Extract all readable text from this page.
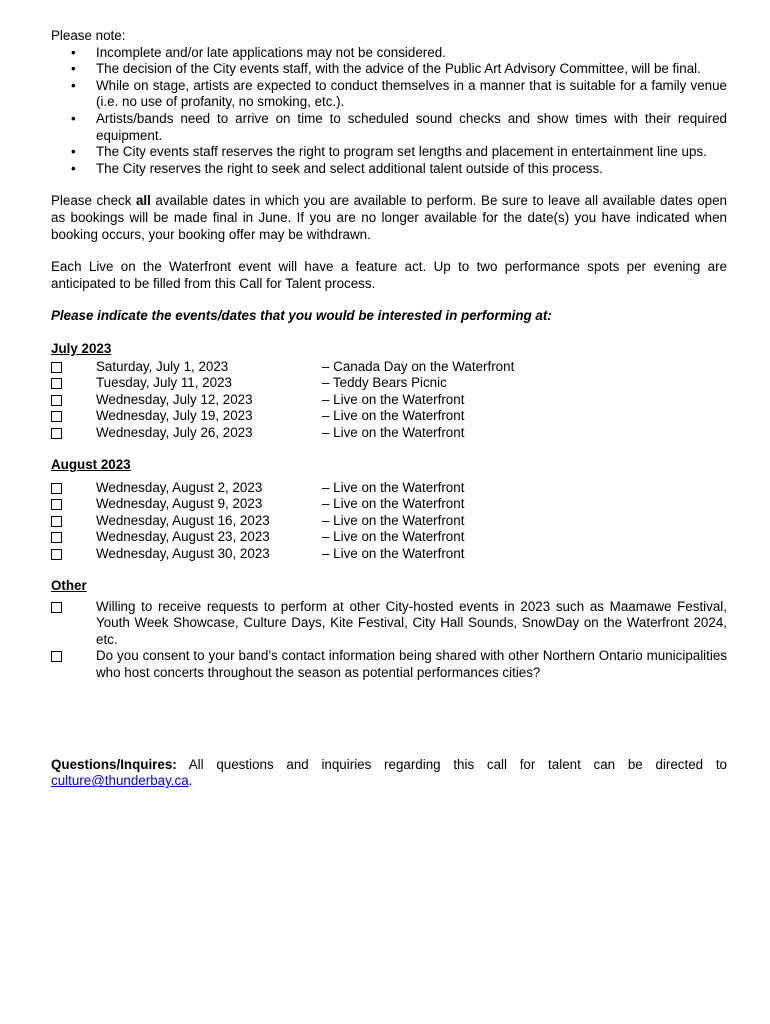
Please note:

• Incomplete and/or late applications may not be considered.
• The decision of the City events staff, with the advice of the Public Art Advisory Committee, will be final.
• While on stage, artists are expected to conduct themselves in a manner that is suitable for a family venue (i.e. no use of profanity, no smoking, etc.).
• Artists/bands need to arrive on time to scheduled sound checks and show times with their required equipment.
• The City events staff reserves the right to program set lengths and placement in entertainment line ups.
• The City reserves the right to seek and select additional talent outside of this process.

Please check all available dates in which you are available to perform. Be sure to leave all available dates open as bookings will be made final in June. If you are no longer available for the date(s) you have indicated when booking occurs, your booking offer may be withdrawn.

Each Live on the Waterfront event will have a feature act. Up to two performance spots per evening are anticipated to be filled from this Call for Talent process.

Please indicate the events/dates that you would be interested in performing at:

July 2023

Saturday, July 1, 2023	– Canada Day on the Waterfront
Tuesday, July 11, 2023	– Teddy Bears Picnic
Wednesday, July 12, 2023	– Live on the Waterfront
Wednesday, July 19, 2023	– Live on the Waterfront
Wednesday, July 26, 2023	– Live on the Waterfront

August 2023

Wednesday, August 2, 2023	– Live on the Waterfront
Wednesday, August 9, 2023	– Live on the Waterfront
Wednesday, August 16, 2023	– Live on the Waterfront
Wednesday, August 23, 2023	– Live on the Waterfront
Wednesday, August 30, 2023	– Live on the Waterfront

Other

Willing to receive requests to perform at other City-hosted events in 2023 such as Maamawe Festival, Youth Week Showcase, Culture Days, Kite Festival, City Hall Sounds, SnowDay on the Waterfront 2024, etc.
Do you consent to your band’s contact information being shared with other Northern Ontario municipalities who host concerts throughout the season as potential performances cities?

Questions/Inquires: All questions and inquiries regarding this call for talent can be directed to culture@thunderbay.ca.
